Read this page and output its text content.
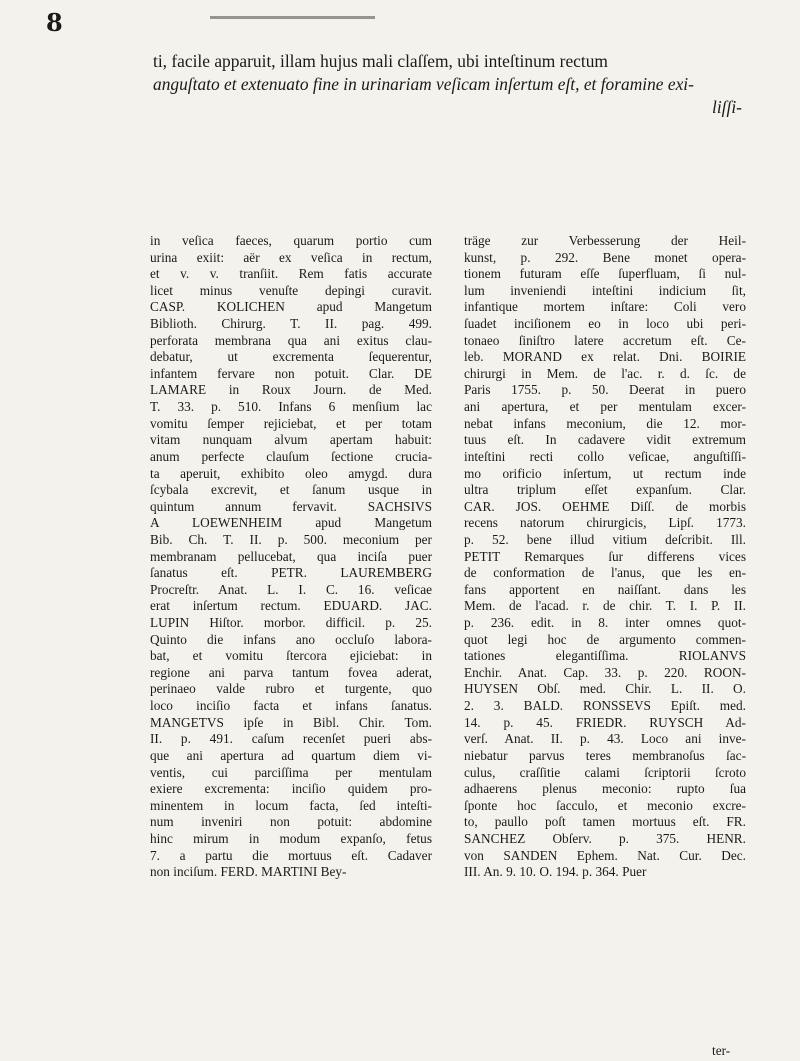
8
ti, facile apparuit, illam hujus mali claſſem, ubi inteſtinum rectum
anguſtato et extenuato fine in urinariam veſicam inſertum eſt, et foramine exi-
liſſi-
in veſica faeces, quarum portio cum
urina exiit: aër ex veſica in rectum,
et v. v. tranſiit. Rem fatis accurate
licet minus venuſte depingi curavit.
CASP. KOLICHEN apud Mangetum
Biblioth. Chirurg. T. II. pag. 499.
perforata membrana qua ani exitus clau-
debatur, ut excrementa ſequerentur,
infantem fervare non potuit. Clar. DE
LAMARE in Roux Journ. de Med.
T. 33. p. 510. Infans 6 menſium lac
vomitu ſemper rejiciebat, et per totam
vitam nunquam alvum apertam habuit:
anum perfecte clauſum ſectione crucia-
ta aperuit, exhibito oleo amygd. dura
ſcybala excrevit, et ſanum usque in
quintum annum fervavit. SACHSIVS
A LOEWENHEIM apud Mangetum
Bib. Ch. T. II. p. 500. meconium per
membranam pellucebat, qua inciſa puer
ſanatus eſt. PETR. LAUREMBERG
Procreſtr. Anat. L. I. C. 16. veſicae
erat inſertum rectum. EDUARD. JAC.
LUPIN Hiſtor. morbor. difficil. p. 25.
Quinto die infans ano occluſo labora-
bat, et vomitu ſtercora ejiciebat: in
regione ani parva tantum fovea aderat,
perinaeo valde rubro et turgente, quo
loco inciſio facta et infans ſanatus.
MANGETVS ipſe in Bibl. Chir. Tom.
II. p. 491. caſum recenſet pueri abs-
que ani apertura ad quartum diem vi-
ventis, cui parciſſima per mentulam
exiere excrementa: inciſio quidem pro-
minentem in locum facta, ſed inteſti-
num inveniri non potuit: abdomine
hinc mirum in modum expanſo, fetus
7. a partu die mortuus eſt. Cadaver
non inciſum. FERD. MARTINI Bey-
träge zur Verbesserung der Heil-
kunst, p. 292. Bene monet opera-
tionem futuram eſſe ſuperfluam, ſi nul-
lum inveniendi inteſtini indicium ſit,
infantique mortem inſtare: Coli vero
ſuadet inciſionem eo in loco ubi peri-
tonaeo ſiniſtro latere accretum eſt. Ce-
leb. MORAND ex relat. Dni. BOIRIE
chirurgi in Mem. de l'ac. r. d. ſc. de
Paris 1755. p. 50. Deerat in puero
ani apertura, et per mentulam excer-
nebat infans meconium, die 12. mor-
tuus eſt. In cadavere vidit extremum
inteſtini recti collo veſicae, anguſtiſſi-
mo orificio inſertum, ut rectum inde
ultra triplum eſſet expanſum. Clar.
CAR. JOS. OEHME Diſſ. de morbis
recens natorum chirurgicis, Lipſ. 1773.
p. 52. bene illud vitium deſcribit. Ill.
PETIT Remarques ſur differens vices
de conformation de l'anus, que les en-
fans apportent en naiſſant. dans les
Mem. de l'acad. r. de chir. T. I. P. II.
p. 236. edit. in 8. inter omnes quot-
quot legi hoc de argumento commen-
tationes elegantiſſima. RIOLANVS
Enchir. Anat. Cap. 33. p. 220. ROON-
HUYSEN Obſ. med. Chir. L. II. O.
2. 3. BALD. RONSSEVS Epiſt. med.
14. p. 45. FRIEDR. RUYSCH Ad-
verſ. Anat. II. p. 43. Loco ani inve-
niebatur parvus teres membranoſus ſac-
culus, craſſitie calami ſcriptorii ſcroto
adhaerens plenus meconio: rupto ſua
ſponte hoc ſacculo, et meconio excre-
to, paullo poſt tamen mortuus eſt. FR.
SANCHEZ Obſerv. p. 375. HENR.
von SANDEN Ephem. Nat. Cur. Dec.
III. An. 9. 10. O. 194. p. 364. Puer
ter-
